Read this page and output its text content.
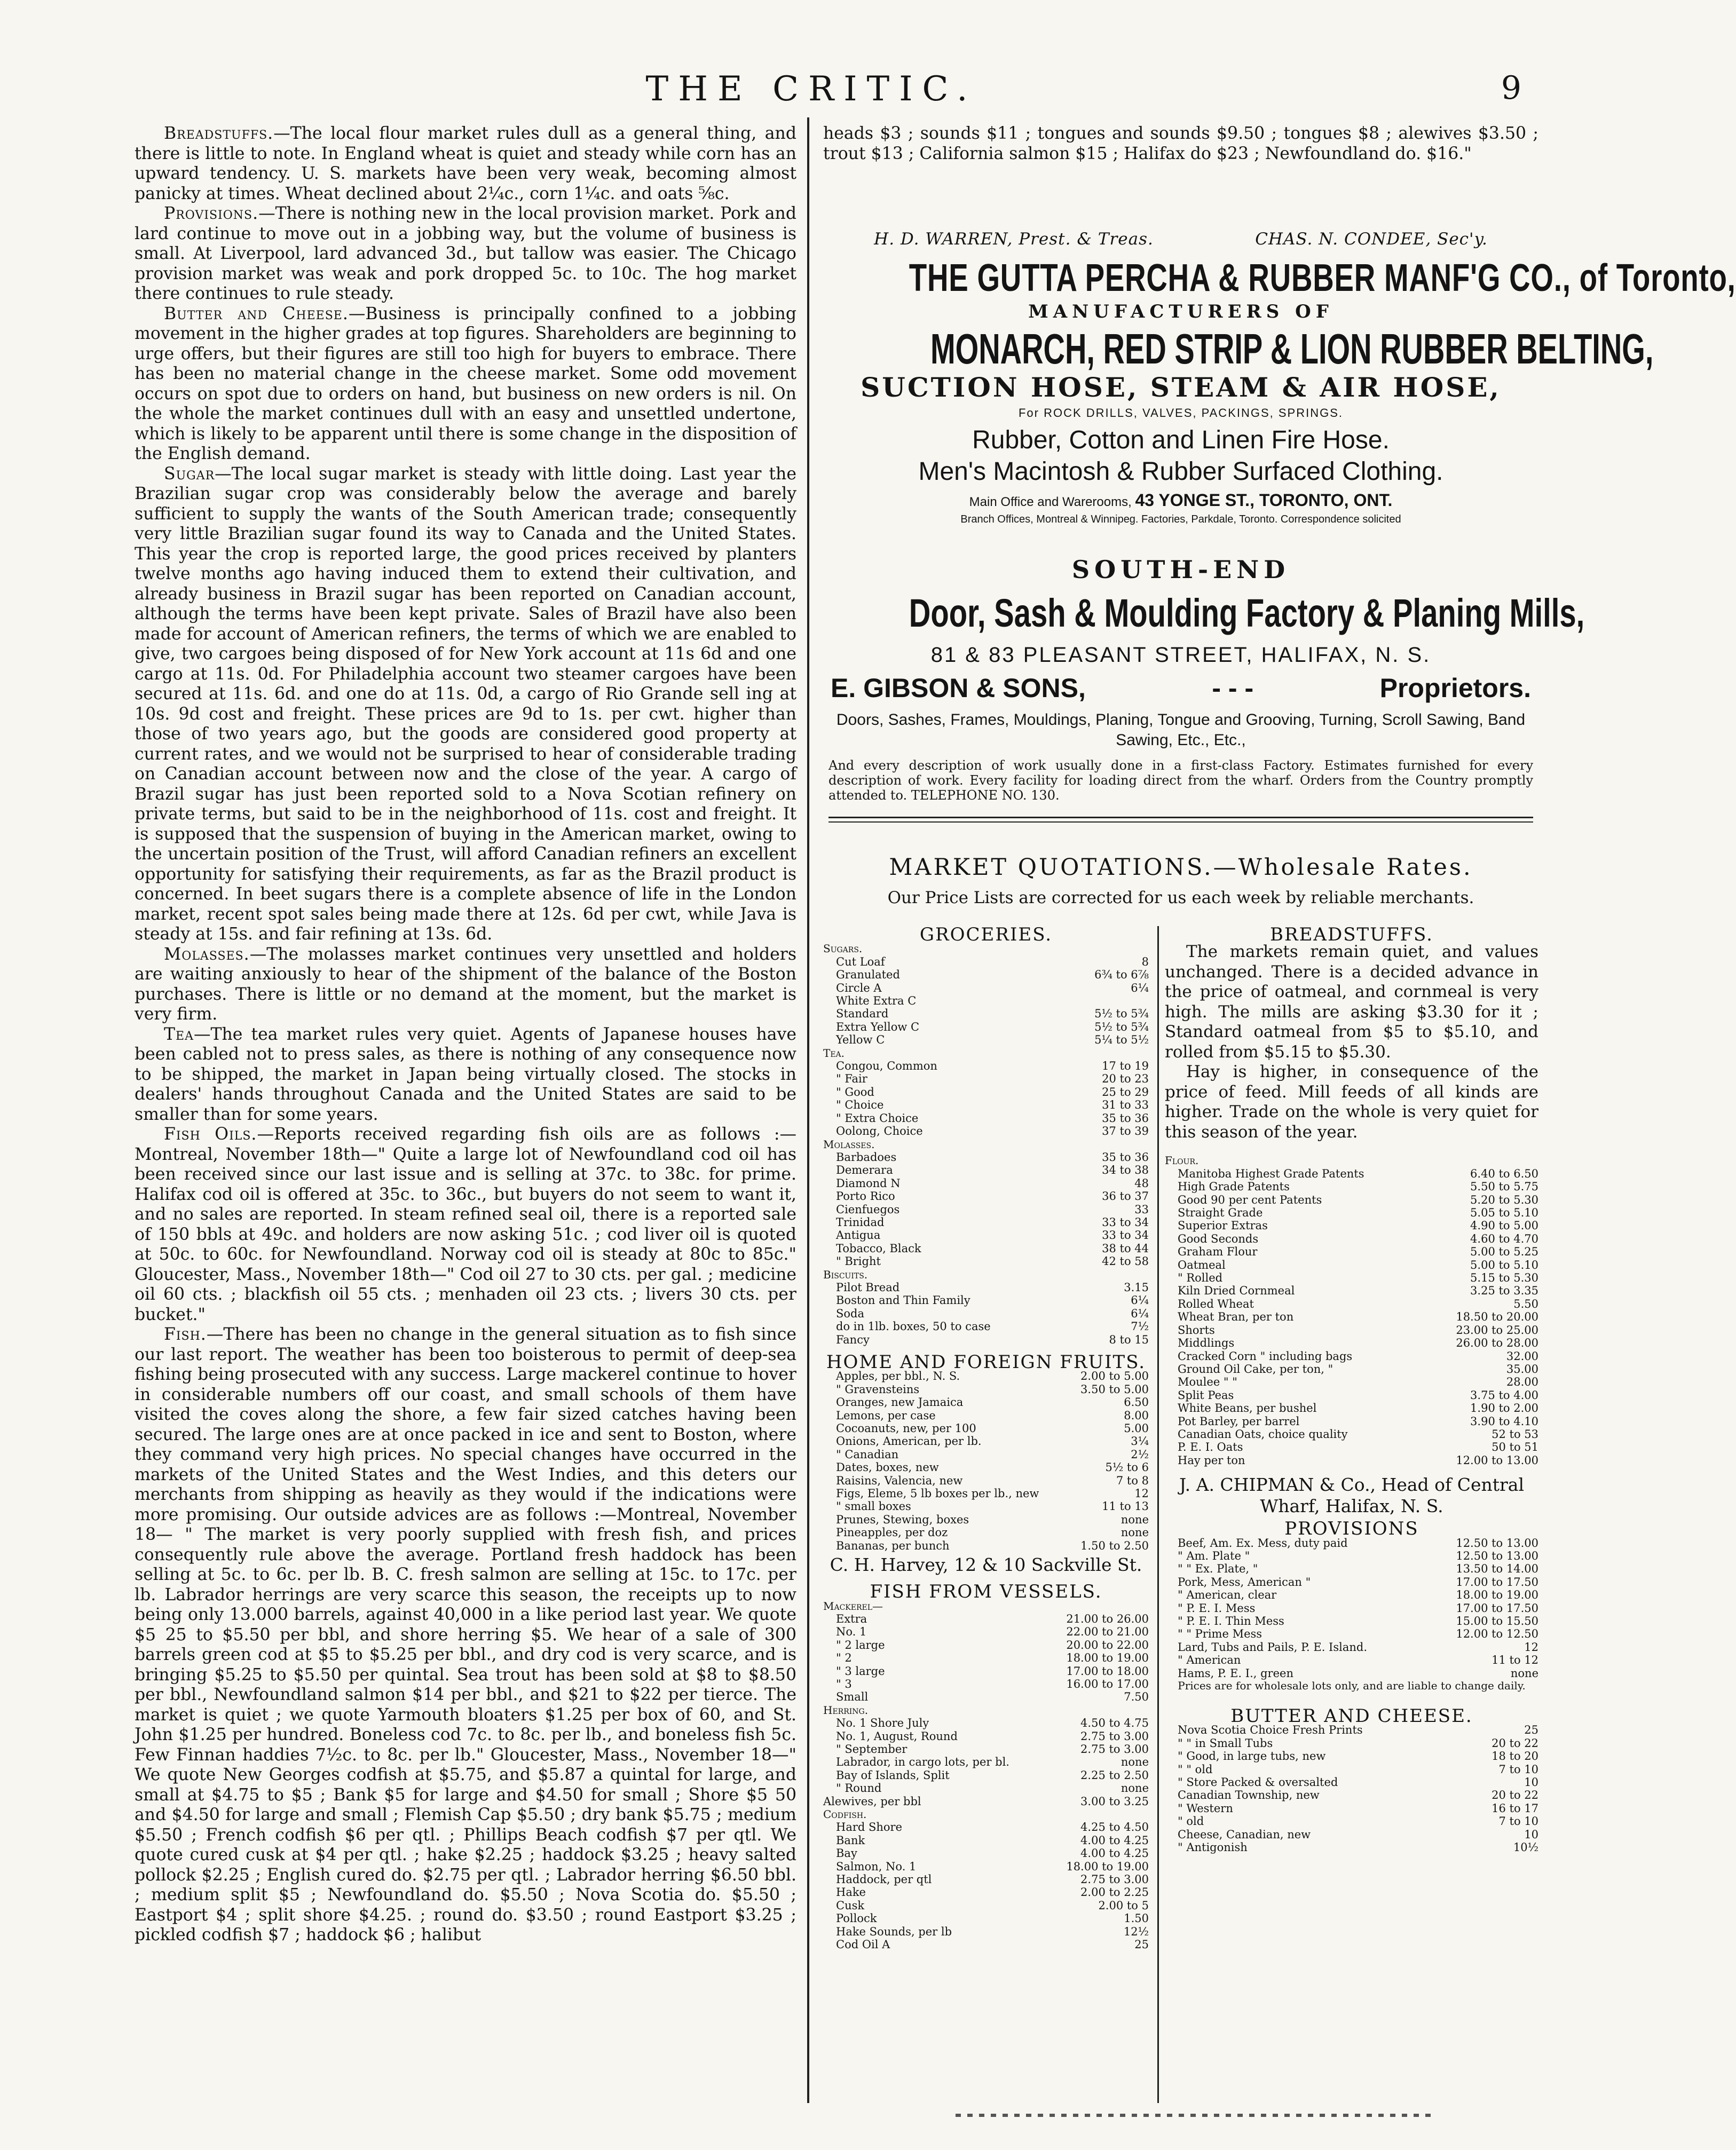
THE CRITIC.	9

Breadstuffs.—The local flour market rules dull as a general thing, and there is little to note. In England wheat is quiet and steady while corn has an upward tendency. U. S. markets have been very weak, becoming almost panicky at times. Wheat declined about 2¼c., corn 1¼c. and oats ⅝c.

Provisions.—There is nothing new in the local provision market. Pork and lard continue to move out in a jobbing way, but the volume of business is small. At Liverpool, lard advanced 3d., but tallow was easier. The Chicago provision market was weak and pork dropped 5c. to 10c. The hog market there continues to rule steady.

Butter and Cheese.—Business is principally confined to a jobbing movement in the higher grades at top figures. Shareholders are beginning to urge offers, but their figures are still too high for buyers to embrace. There has been no material change in the cheese market. Some odd movement occurs on spot due to orders on hand, but business on new orders is nil. On the whole the market continues dull with an easy and unsettled undertone, which is likely to be apparent until there is some change in the disposition of the English demand.

Sugar—The local sugar market is steady with little doing. Last year the Brazilian sugar crop was considerably below the average and barely sufficient to supply the wants of the South American trade; consequently very little Brazilian sugar found its way to Canada and the United States. This year the crop is reported large, the good prices received by planters twelve months ago having induced them to extend their cultivation, and already business in Brazil sugar has been reported on Canadian account, although the terms have been kept private. Sales of Brazil have also been made for account of American refiners, the terms of which we are enabled to give, two cargoes being disposed of for New York account at 11s 6d and one cargo at 11s. 0d. For Philadelphia account two steamer cargoes have been secured at 11s. 6d. and one do at 11s. 0d, a cargo of Rio Grande sell ing at 10s. 9d cost and freight. These prices are 9d to 1s. per cwt. higher than those of two years ago, but the goods are considered good property at current rates, and we would not be surprised to hear of considerable trading on Canadian account between now and the close of the year. A cargo of Brazil sugar has just been reported sold to a Nova Scotian refinery on private terms, but said to be in the neighborhood of 11s. cost and freight. It is supposed that the suspension of buying in the American market, owing to the uncertain position of the Trust, will afford Canadian refiners an excellent opportunity for satisfying their requirements, as far as the Brazil product is concerned. In beet sugars there is a complete absence of life in the London market, recent spot sales being made there at 12s. 6d per cwt, while Java is steady at 15s. and fair refining at 13s. 6d.

Molasses.—The molasses market continues very unsettled and holders are waiting anxiously to hear of the shipment of the balance of the Boston purchases. There is little or no demand at the moment, but the market is very firm.

Tea—The tea market rules very quiet. Agents of Japanese houses have been cabled not to press sales, as there is nothing of any consequence now to be shipped, the market in Japan being virtually closed. The stocks in dealers' hands throughout Canada and the United States are said to be smaller than for some years.

Fish Oils.—Reports received regarding fish oils are as follows :—Montreal, November 18th—" Quite a large lot of Newfoundland cod oil has been received since our last issue and is selling at 37c. to 38c. for prime. Halifax cod oil is offered at 35c. to 36c., but buyers do not seem to want it, and no sales are reported. In steam refined seal oil, there is a reported sale of 150 bbls at 49c. and holders are now asking 51c. ; cod liver oil is quoted at 50c. to 60c. for Newfoundland. Norway cod oil is steady at 80c to 85c." Gloucester, Mass., November 18th—" Cod oil 27 to 30 cts. per gal. ; medicine oil 60 cts. ; blackfish oil 55 cts. ; menhaden oil 23 cts. ; livers 30 cts. per bucket."

Fish.—There has been no change in the general situation as to fish since our last report. The weather has been too boisterous to permit of deep-sea fishing being prosecuted with any success. Large mackerel continue to hover in considerable numbers off our coast, and small schools of them have visited the coves along the shore, a few fair sized catches having been secured. The large ones are at once packed in ice and sent to Boston, where they command very high prices. No special changes have occurred in the markets of the United States and the West Indies, and this deters our merchants from shipping as heavily as they would if the indications were more promising. Our outside advices are as follows :—Montreal, November 18— " The market is very poorly supplied with fresh fish, and prices consequently rule above the average. Portland fresh haddock has been selling at 5c. to 6c. per lb. B. C. fresh salmon are selling at 15c. to 17c. per lb. Labrador herrings are very scarce this season, the receipts up to now being only 13.000 barrels, against 40,000 in a like period last year. We quote $5 25 to $5.50 per bbl, and shore herring $5. We hear of a sale of 300 barrels green cod at $5 to $5.25 per bbl., and dry cod is very scarce, and is bringing $5.25 to $5.50 per quintal. Sea trout has been sold at $8 to $8.50 per bbl., Newfoundland salmon $14 per bbl., and $21 to $22 per tierce. The market is quiet ; we quote Yarmouth bloaters $1.25 per box of 60, and St. John $1.25 per hundred. Boneless cod 7c. to 8c. per lb., and boneless fish 5c. Few Finnan haddies 7½c. to 8c. per lb." Gloucester, Mass., November 18—" We quote New Georges codfish at $5.75, and $5.87 a quintal for large, and small at $4.75 to $5 ; Bank $5 for large and $4.50 for small ; Shore $5 50 and $4.50 for large and small ; Flemish Cap $5.50 ; dry bank $5.75 ; medium $5.50 ; French codfish $6 per qtl. ; Phillips Beach codfish $7 per qtl. We quote cured cusk at $4 per qtl. ; hake $2.25 ; haddock $3.25 ; heavy salted pollock $2.25 ; English cured do. $2.75 per qtl. ; Labrador herring $6.50 bbl. ; medium split $5 ; Newfoundland do. $5.50 ; Nova Scotia do. $5.50 ; Eastport $4 ; split shore $4.25. ; round do. $3.50 ; round Eastport $3.25 ; pickled codfish $7 ; haddock $6 ; halibut

heads $3 ; sounds $11 ; tongues and sounds $9.50 ; tongues $8 ; alewives $3.50 ; trout $13 ; California salmon $15 ; Halifax do $23 ; Newfoundland do. $16."
H. D. WARREN, Prest. & Treas.	CHAS. N. CONDEE, Sec'y.
THE GUTTA PERCHA & RUBBER MANF'G CO., of Toronto,
MANUFACTURERS OF
MONARCH, RED STRIP & LION RUBBER BELTING,
SUCTION HOSE, STEAM & AIR HOSE,
For ROCK DRILLS, VALVES, PACKINGS, SPRINGS.
Rubber, Cotton and Linen Fire Hose.
Men's Macintosh & Rubber Surfaced Clothing.
Main Office and Warerooms, 43 YONGE ST., TORONTO, ONT.
Branch Offices, Montreal & Winnipeg. Factories, Parkdale, Toronto. Correspondence solicited
SOUTH-END
Door, Sash & Moulding Factory & Planing Mills,
81 & 83 PLEASANT STREET, HALIFAX, N. S.
E. GIBSON & SONS,	- - -	Proprietors.
Doors, Sashes, Frames, Mouldings, Planing, Tongue and Grooving, Turning, Scroll Sawing, Band Sawing, Etc., Etc.,
And every description of work usually done in a first-class Factory. Estimates furnished for every description of work. Every facility for loading direct from the wharf. Orders from the Country promptly attended to. TELEPHONE NO. 130.
MARKET QUOTATIONS.—Wholesale Rates.
Our Price Lists are corrected for us each week by reliable merchants.
GROCERIES.
Sugars.
Cut Loaf	8
Granulated	6¾ to 6⅞
Circle A	6¼
White Extra C
Standard	5½ to 5¾
Extra Yellow C	5½ to 5¾
Yellow C	5¼ to 5½
Tea.
Congou, Common	17 to 19
" Fair	20 to 23
" Good	25 to 29
" Choice	31 to 33
" Extra Choice	35 to 36
Oolong, Choice	37 to 39
Molasses.
Barbadoes	35 to 36
Demerara	34 to 38
Diamond N	48
Porto Rico	36 to 37
Cienfuegos	33
Trinidad	33 to 34
Antigua	33 to 34
Tobacco, Black	38 to 44
" Bright	42 to 58
Biscuits.
Pilot Bread	3.15
Boston and Thin Family	6¼
Soda	6¼
do in 1lb. boxes, 50 to case	7½
Fancy	8 to 15
HOME AND FOREIGN FRUITS.
Apples, per bbl., N. S.	2.00 to 5.00
" Gravensteins	3.50 to 5.00
Oranges, new Jamaica	6.50
Lemons, per case	8.00
Cocoanuts, new, per 100	5.00
Onions, American, per lb.	3¼
" Canadian	2½
Dates, boxes, new	5½ to 6
Raisins, Valencia, new	7 to 8
Figs, Eleme, 5 lb boxes per lb., new	12
" small boxes	11 to 13
Prunes, Stewing, boxes	none
Pineapples, per doz	none
Bananas, per bunch	1.50 to 2.50
C. H. Harvey, 12 & 10 Sackville St.
FISH FROM VESSELS.
Mackerel—
Extra	21.00 to 26.00
No. 1	22.00 to 21.00
" 2 large	20.00 to 22.00
" 2	18.00 to 19.00
" 3 large	17.00 to 18.00
" 3	16.00 to 17.00
Small	7.50
Herring.
No. 1 Shore July	4.50 to 4.75
No. 1, August, Round	2.75 to 3.00
" September	2.75 to 3.00
Labrador, in cargo lots, per bl.	none
Bay of Islands, Split	2.25 to 2.50
" Round	none
Alewives, per bbl	3.00 to 3.25
Codfish.
Hard Shore	4.25 to 4.50
Bank	4.00 to 4.25
Bay	4.00 to 4.25
Salmon, No. 1	18.00 to 19.00
Haddock, per qtl	2.75 to 3.00
Hake	2.00 to 2.25
Cusk	2.00 to 5
Pollock	1.50
Hake Sounds, per lb	12½
Cod Oil A	25
BREADSTUFFS.

The markets remain quiet, and values unchanged. There is a decided advance in the price of oatmeal, and cornmeal is very high. The mills are asking $3.30 for it ; Standard oatmeal from $5 to $5.10, and rolled from $5.15 to $5.30.

Hay is higher, in consequence of the price of feed. Mill feeds of all kinds are higher. Trade on the whole is very quiet for this season of the year.

Flour.
Manitoba Highest Grade Patents	6.40 to 6.50
High Grade Patents	5.50 to 5.75
Good 90 per cent Patents	5.20 to 5.30
Straight Grade	5.05 to 5.10
Superior Extras	4.90 to 5.00
Good Seconds	4.60 to 4.70
Graham Flour	5.00 to 5.25
Oatmeal	5.00 to 5.10
" Rolled	5.15 to 5.30
Kiln Dried Cornmeal	3.25 to 3.35
Rolled Wheat	5.50
Wheat Bran, per ton	18.50 to 20.00
Shorts	23.00 to 25.00
Middlings	26.00 to 28.00
Cracked Corn " including bags	32.00
Ground Oil Cake, per ton, "	35.00
Moulee " "	28.00
Split Peas	3.75 to 4.00
White Beans, per bushel	1.90 to 2.00
Pot Barley, per barrel	3.90 to 4.10
Canadian Oats, choice quality	52 to 53
P. E. I. Oats	50 to 51
Hay per ton	12.00 to 13.00
J. A. CHIPMAN & Co., Head of Central Wharf, Halifax, N. S.
PROVISIONS
Beef, Am. Ex. Mess, duty paid	12.50 to 13.00
" Am. Plate "	12.50 to 13.00
" " Ex. Plate, "	13.50 to 14.00
Pork, Mess, American "	17.00 to 17.50
" American, clear	18.00 to 19.00
" P. E. I. Mess	17.00 to 17.50
" P. E. I. Thin Mess	15.00 to 15.50
" " Prime Mess	12.00 to 12.50
Lard, Tubs and Pails, P. E. Island.	12
" American	11 to 12
Hams, P. E. I., green	none
Prices are for wholesale lots only, and are liable to change daily.
BUTTER AND CHEESE.
Nova Scotia Choice Fresh Prints	25
" " in Small Tubs	20 to 22
" Good, in large tubs, new	18 to 20
" " old	7 to 10
" Store Packed & oversalted	10
Canadian Township, new	20 to 22
" Western	16 to 17
" old	7 to 10
Cheese, Canadian, new	10
" Antigonish	10½
